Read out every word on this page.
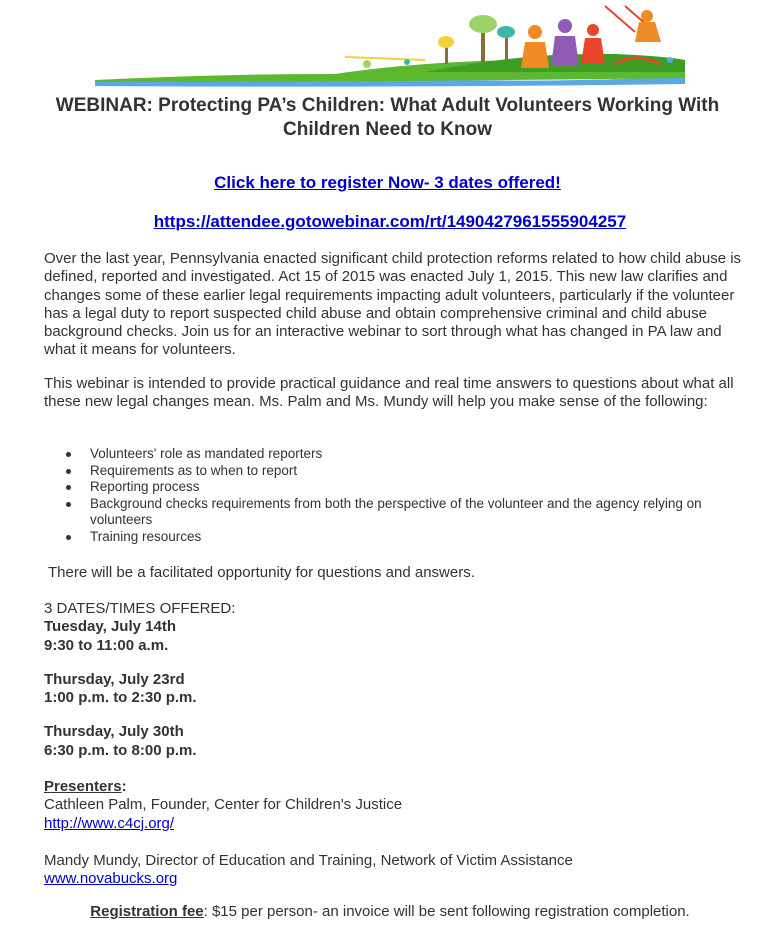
WEBINAR: Protecting PA’s Children: What Adult Volunteers Working With Children Need to Know
Click here to register Now- 3 dates offered!
https://attendee.gotowebinar.com/rt/1490427961555904257

Over the last year, Pennsylvania enacted significant child protection reforms related to how child abuse is defined, reported and investigated. Act 15 of 2015 was enacted July 1, 2015. This new law clarifies and changes some of these earlier legal requirements impacting adult volunteers, particularly if the volunteer has a legal duty to report suspected child abuse and obtain comprehensive criminal and child abuse background checks. Join us for an interactive webinar to sort through what has changed in PA law and what it means for volunteers.

This webinar is intended to provide practical guidance and real time answers to questions about what all these new legal changes mean. Ms. Palm and Ms. Mundy will help you make sense of the following:

Volunteers' role as mandated reporters
Requirements as to when to report
Reporting process
Background checks requirements from both the perspective of the volunteer and the agency relying on volunteers
Training resources
There will be a facilitated opportunity for questions and answers.
3 DATES/TIMES OFFERED:
Tuesday, July 14th
9:30 to 11:00 a.m.
Thursday, July 23rd
1:00 p.m. to 2:30 p.m.
Thursday, July 30th
6:30 p.m. to 8:00 p.m.
Presenters:
Cathleen Palm, Founder, Center for Children's Justice
http://www.c4cj.org/
Mandy Mundy, Director of Education and Training, Network of Victim Assistance
www.novabucks.org
Registration fee: $15 per person- an invoice will be sent following registration completion.
